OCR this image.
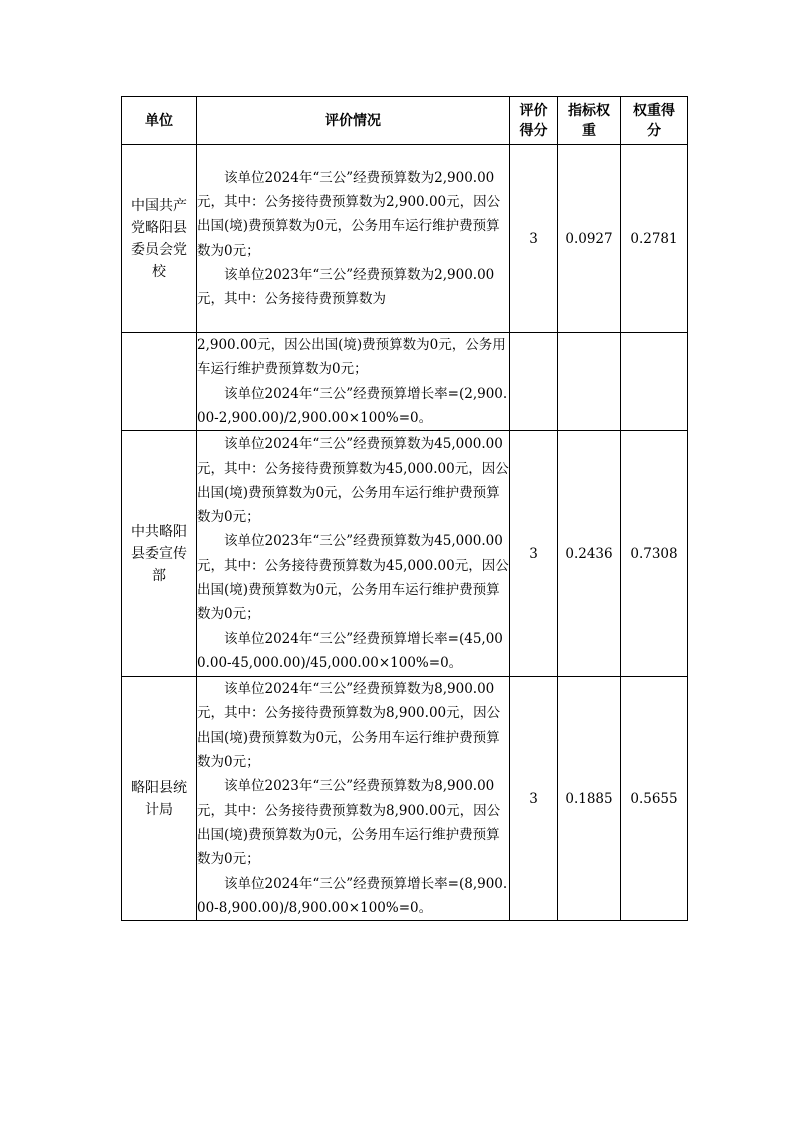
单位	评价情况	评价得分	指标权重	权重得分
中国共产党略阳县委员会党校	该单位2024年“三公”经费预算数为2,900.00元，其中：公务接待费预算数为2,900.00元，因公出国(境)费预算数为0元，公务用车运行维护费预算数为0元；

该单位2023年“三公”经费预算数为2,900.00元，其中：公务接待费预算数为	3	0.0927	0.2781

	2,900.00元，因公出国(境)费预算数为0元，公务用车运行维护费预算数为0元；

该单位2024年“三公”经费预算增长率=(2,900.00-2,900.00)/2,900.00×100%=0。			

中共略阳县委宣传部	该单位2024年“三公”经费预算数为45,000.00元，其中：公务接待费预算数为45,000.00元，因公出国(境)费预算数为0元，公务用车运行维护费预算数为0元；

该单位2023年“三公”经费预算数为45,000.00元，其中：公务接待费预算数为45,000.00元，因公出国(境)费预算数为0元，公务用车运行维护费预算数为0元；

该单位2024年“三公”经费预算增长率=(45,000.00-45,000.00)/45,000.00×100%=0。	3	0.2436	0.7308
略阳县统计局	该单位2024年“三公”经费预算数为8,900.00元，其中：公务接待费预算数为8,900.00元，因公出国(境)费预算数为0元，公务用车运行维护费预算数为0元；

该单位2023年“三公”经费预算数为8,900.00元，其中：公务接待费预算数为8,900.00元，因公出国(境)费预算数为0元，公务用车运行维护费预算数为0元；

该单位2024年“三公”经费预算增长率=(8,900.00-8,900.00)/8,900.00×100%=0。	3	0.1885	0.5655
